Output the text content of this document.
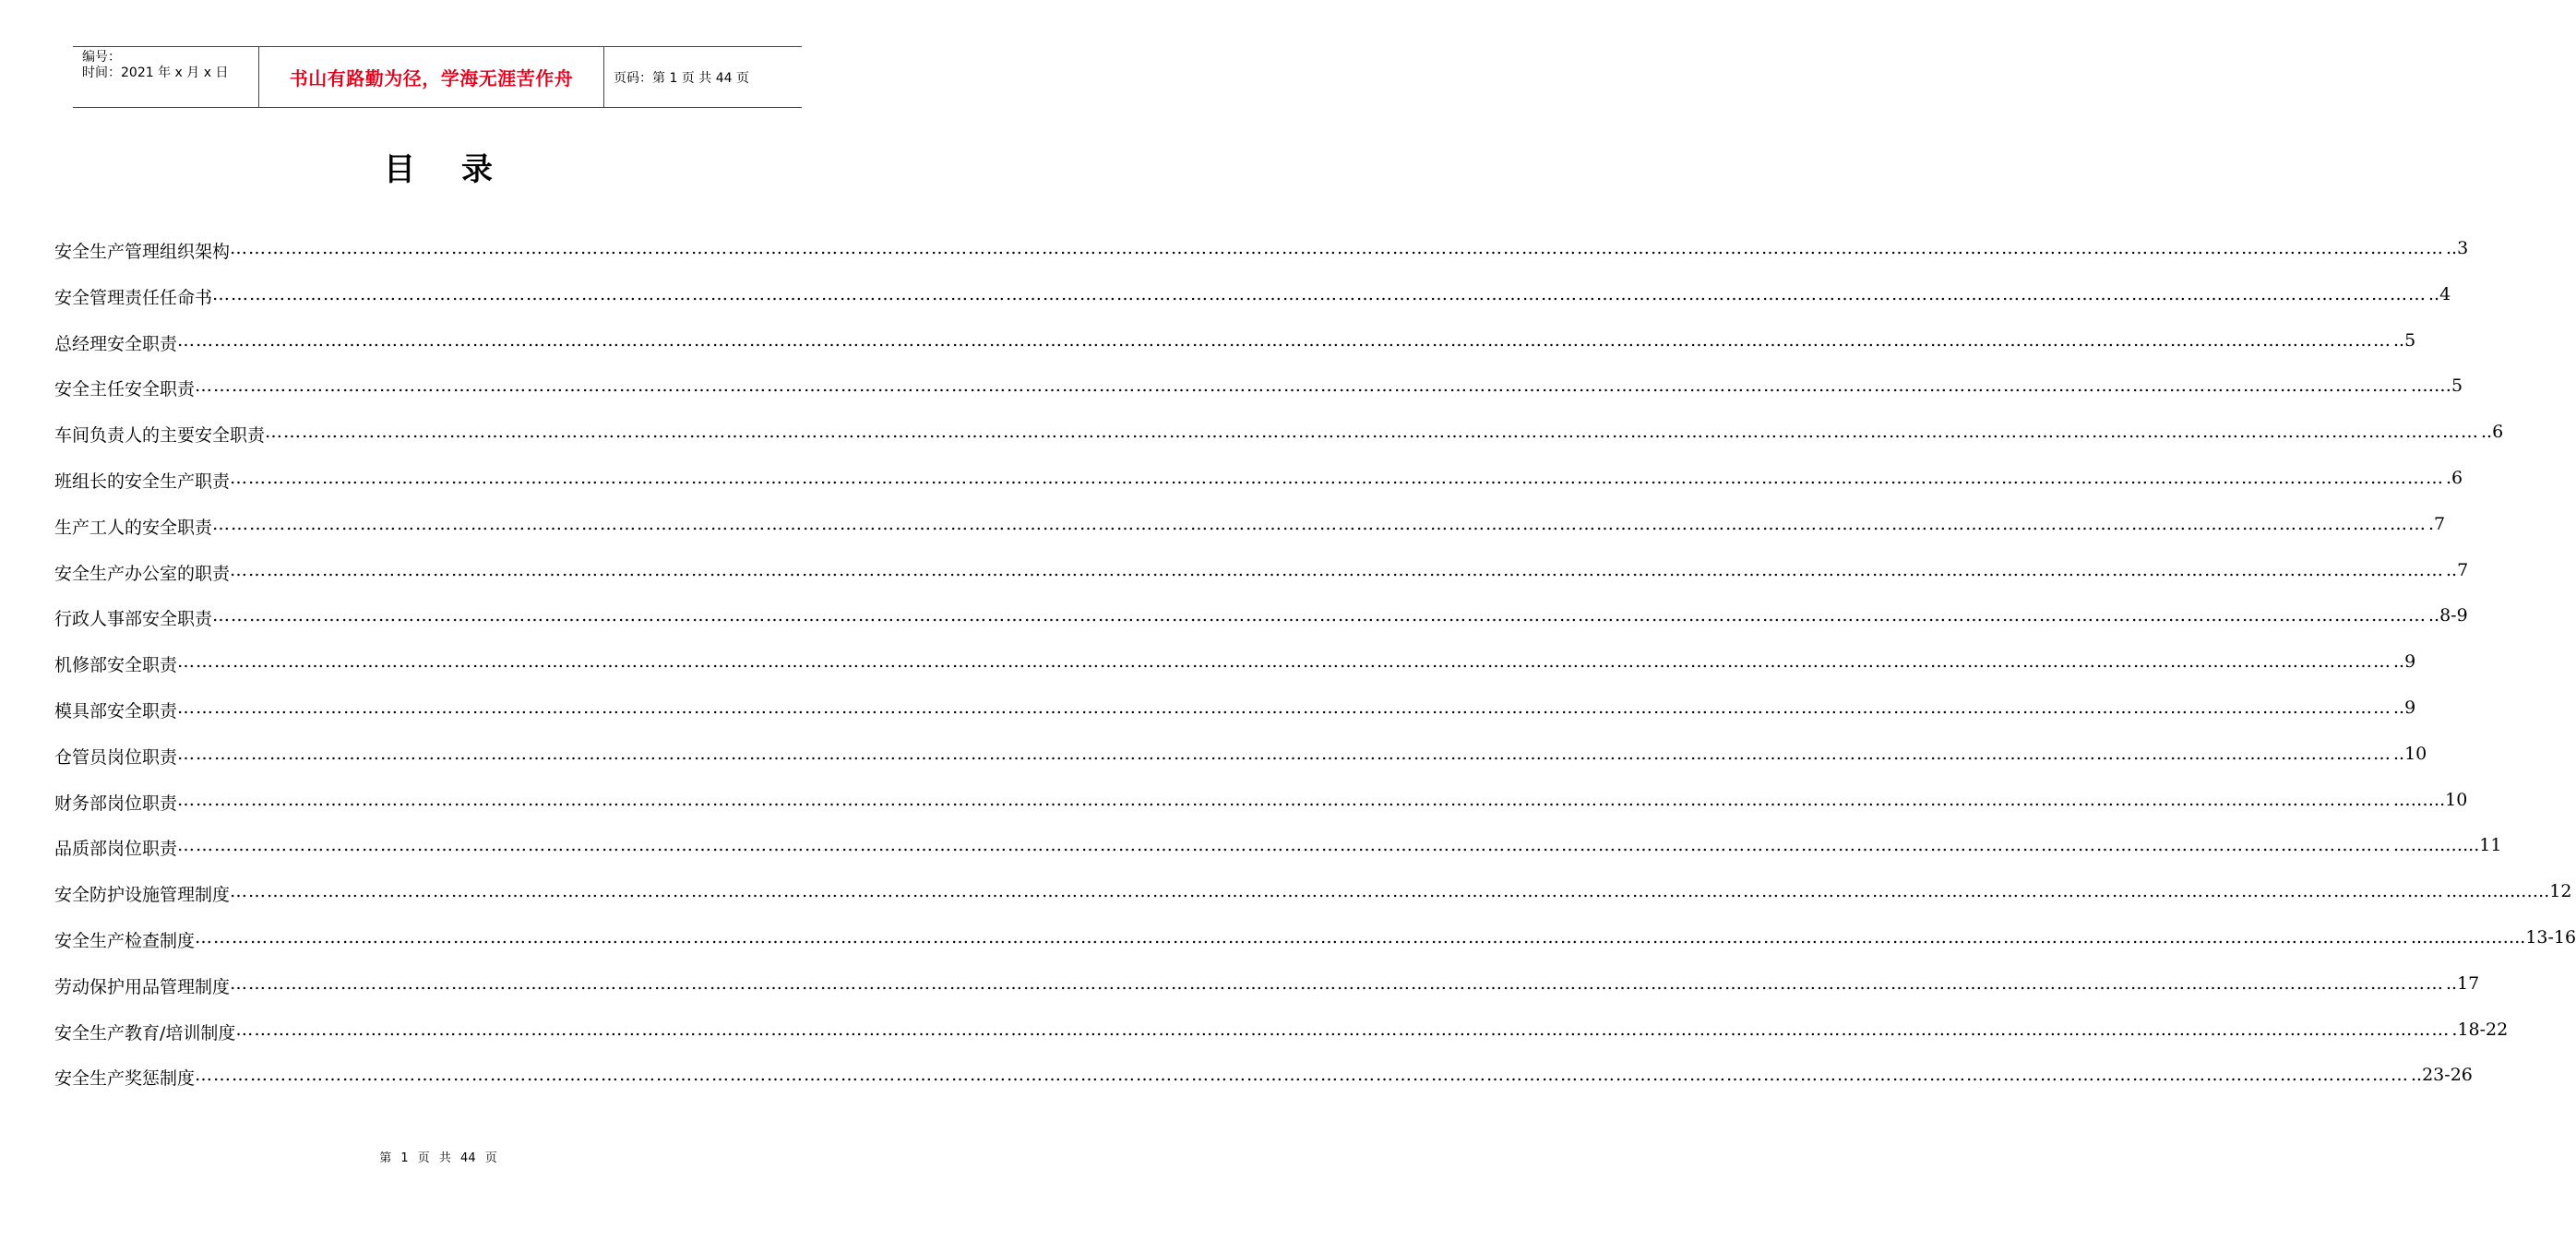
编号：
时间：2021 年 x 月 x 日	书山有路勤为径，学海无涯苦作舟	页码：第 1 页 共 44 页
目录
安全生产管理组织架构 ……………………………………………………………………………………………………………………………………………………………………………………………………………………………………………………………………………………………………………………………… ..3
安全管理责任任命书 ……………………………………………………………………………………………………………………………………………………………………………………………………………………………………………………………………………………………………………………………… ..4
总经理安全职责 ……………………………………………………………………………………………………………………………………………………………………………………………………………………………………………………………………………………………………………………………… ..5
安全主任安全职责 ……………………………………………………………………………………………………………………………………………………………………………………………………………………………………………………………………………………………………………………………… .……5
车间负责人的主要安全职责 ……………………………………………………………………………………………………………………………………………………………………………………………………………………………………………………………………………………………………………………………… ..6
班组长的安全生产职责 ……………………………………………………………………………………………………………………………………………………………………………………………………………………………………………………………………………………………………………………………… .6
生产工人的安全职责 ……………………………………………………………………………………………………………………………………………………………………………………………………………………………………………………………………………………………………………………………… .7
安全生产办公室的职责 ……………………………………………………………………………………………………………………………………………………………………………………………………………………………………………………………………………………………………………………………… ..7
行政人事部安全职责 ……………………………………………………………………………………………………………………………………………………………………………………………………………………………………………………………………………………………………………………………… ..8-9
机修部安全职责 ……………………………………………………………………………………………………………………………………………………………………………………………………………………………………………………………………………………………………………………………… ..9
模具部安全职责 ……………………………………………………………………………………………………………………………………………………………………………………………………………………………………………………………………………………………………………………………… ..9
仓管员岗位职责 ……………………………………………………………………………………………………………………………………………………………………………………………………………………………………………………………………………………………………………………………… ..10
财务部岗位职责 ……………………………………………………………………………………………………………………………………………………………………………………………………………………………………………………………………………………………………………………………… .……..10
品质部岗位职责 ……………………………………………………………………………………………………………………………………………………………………………………………………………………………………………………………………………………………………………………………… .……..…...11
安全防护设施管理制度 ……………………………………………………………………………………………………………………………………………………………………………………………………………………………………………………………………………………………………………………………… .………...…..12
安全生产检查制度 ……………………………………………………………………………………………………………………………………………………………………………………………………………………………………………………………………………………………………………………………… ..…....………..13-16
劳动保护用品管理制度 ……………………………………………………………………………………………………………………………………………………………………………………………………………………………………………………………………………………………………………………………… ..17
安全生产教育/培训制度 ……………………………………………………………………………………………………………………………………………………………………………………………………………………………………………………………………………………………………………………………… .18-22
安全生产奖惩制度 ……………………………………………………………………………………………………………………………………………………………………………………………………………………………………………………………………………………………………………………………… ..23-26
第 1 页 共 44 页
